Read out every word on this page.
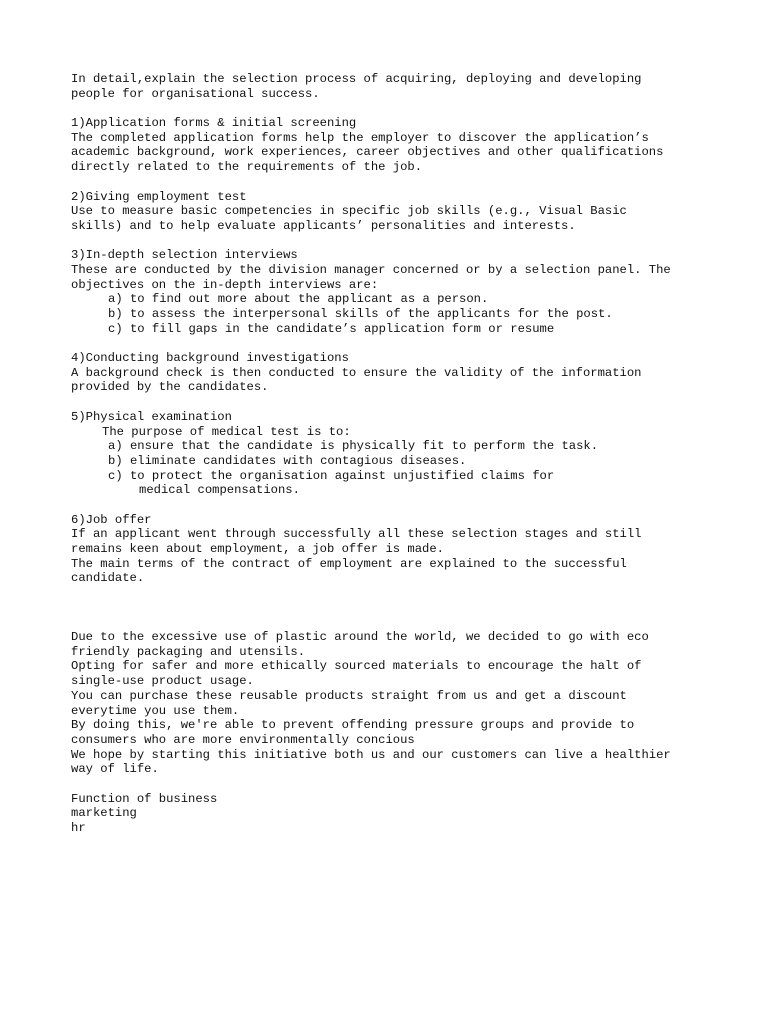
In detail,explain the selection process of acquiring, deploying and developing
people for organisational success.
1)Application forms & initial screening
The completed application forms help the employer to discover the application’s
academic background, work experiences, career objectives and other qualifications
directly related to the requirements of the job.
2)Giving employment test
Use to measure basic competencies in specific job skills (e.g., Visual Basic
skills) and to help evaluate applicants’ personalities and interests.
3)In-depth selection interviews
These are conducted by the division manager concerned or by a selection panel. The
objectives on the in-depth interviews are:
a) to find out more about the applicant as a person.
b) to assess the interpersonal skills of the applicants for the post.
c) to fill gaps in the candidate’s application form or resume
4)Conducting background investigations
A background check is then conducted to ensure the validity of the information
provided by the candidates.
5)Physical examination
The purpose of medical test is to:
a) ensure that the candidate is physically fit to perform the task.
b) eliminate candidates with contagious diseases.
c) to protect the organisation against unjustified claims for
medical compensations.
6)Job offer
If an applicant went through successfully all these selection stages and still
remains keen about employment, a job offer is made.
The main terms of the contract of employment are explained to the successful
candidate.
Due to the excessive use of plastic around the world, we decided to go with eco
friendly packaging and utensils.
Opting for safer and more ethically sourced materials to encourage the halt of
single-use product usage.
You can purchase these reusable products straight from us and get a discount
everytime you use them.
By doing this, we're able to prevent offending pressure groups and provide to
consumers who are more environmentally concious
We hope by starting this initiative both us and our customers can live a healthier
way of life.
Function of business
marketing
hr
